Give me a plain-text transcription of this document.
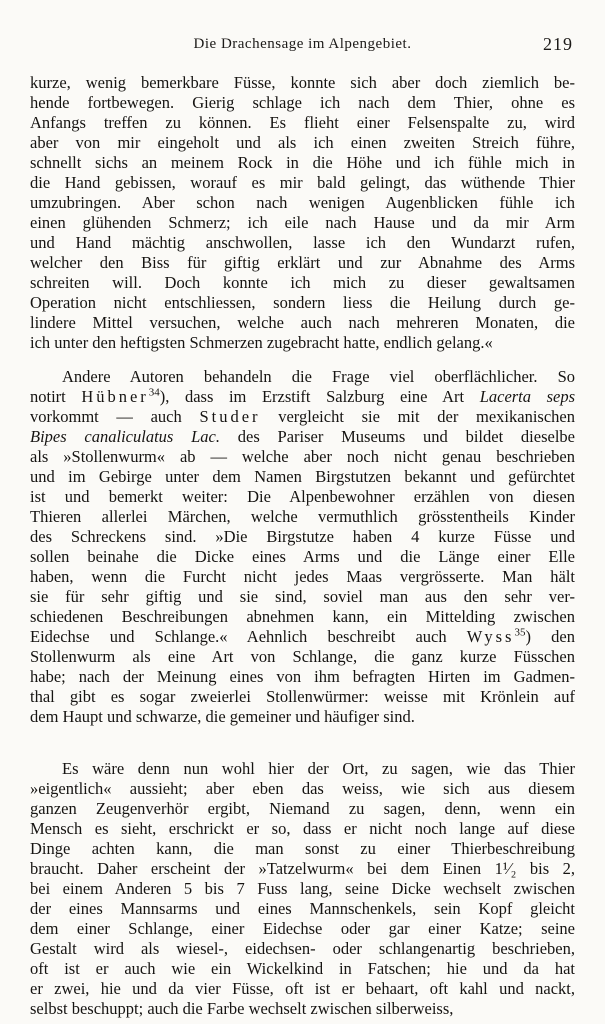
Die Drachensage im Alpengebiet.	219
kurze, wenig bemerkbare Füsse, konnte sich aber doch ziemlich be-
hende fortbewegen. Gierig schlage ich nach dem Thier, ohne es
Anfangs treffen zu können. Es flieht einer Felsenspalte zu, wird
aber von mir eingeholt und als ich einen zweiten Streich führe,
schnellt sichs an meinem Rock in die Höhe und ich fühle mich in
die Hand gebissen, worauf es mir bald gelingt, das wüthende Thier
umzubringen. Aber schon nach wenigen Augenblicken fühle ich
einen glühenden Schmerz; ich eile nach Hause und da mir Arm
und Hand mächtig anschwollen, lasse ich den Wundarzt rufen,
welcher den Biss für giftig erklärt und zur Abnahme des Arms
schreiten will. Doch konnte ich mich zu dieser gewaltsamen
Operation nicht entschliessen, sondern liess die Heilung durch ge-
lindere Mittel versuchen, welche auch nach mehreren Monaten, die
ich unter den heftigsten Schmerzen zugebracht hatte, endlich gelang.«
Andere Autoren behandeln die Frage viel oberflächlicher. So
notirt Hübner$^{34}$), dass im Erzstift Salzburg eine Art Lacerta seps
vorkommt — auch Studer vergleicht sie mit der mexikanischen
Bipes canaliculatus Lac. des Pariser Museums und bildet dieselbe
als »Stollenwurm« ab — welche aber noch nicht genau beschrieben
und im Gebirge unter dem Namen Birgstutzen bekannt und gefürchtet
ist und bemerkt weiter: Die Alpenbewohner erzählen von diesen
Thieren allerlei Märchen, welche vermuthlich grösstentheils Kinder
des Schreckens sind. »Die Birgstutze haben 4 kurze Füsse und
sollen beinahe die Dicke eines Arms und die Länge einer Elle
haben, wenn die Furcht nicht jedes Maas vergrösserte. Man hält
sie für sehr giftig und sie sind, soviel man aus den sehr ver-
schiedenen Beschreibungen abnehmen kann, ein Mittelding zwischen
Eidechse und Schlange.« Aehnlich beschreibt auch Wyss$^{35}$) den
Stollenwurm als eine Art von Schlange, die ganz kurze Füsschen
habe; nach der Meinung eines von ihm befragten Hirten im Gadmen-
thal gibt es sogar zweierlei Stollenwürmer: weisse mit Krönlein auf
dem Haupt und schwarze, die gemeiner und häufiger sind.
Es wäre denn nun wohl hier der Ort, zu sagen, wie das Thier
»eigentlich« aussieht; aber eben das weiss, wie sich aus diesem
ganzen Zeugenverhör ergibt, Niemand zu sagen, denn, wenn ein
Mensch es sieht, erschrickt er so, dass er nicht noch lange auf diese
Dinge achten kann, die man sonst zu einer Thierbeschreibung
braucht. Daher erscheint der »Tatzelwurm« bei dem Einen 1¹⁄₂ bis 2,
bei einem Anderen 5 bis 7 Fuss lang, seine Dicke wechselt zwischen
der eines Mannsarms und eines Mannschenkels, sein Kopf gleicht
dem einer Schlange, einer Eidechse oder gar einer Katze; seine
Gestalt wird als wiesel-, eidechsen- oder schlangenartig beschrieben,
oft ist er auch wie ein Wickelkind in Fatschen; hie und da hat
er zwei, hie und da vier Füsse, oft ist er behaart, oft kahl und nackt,
selbst beschuppt; auch die Farbe wechselt zwischen silberweiss,
